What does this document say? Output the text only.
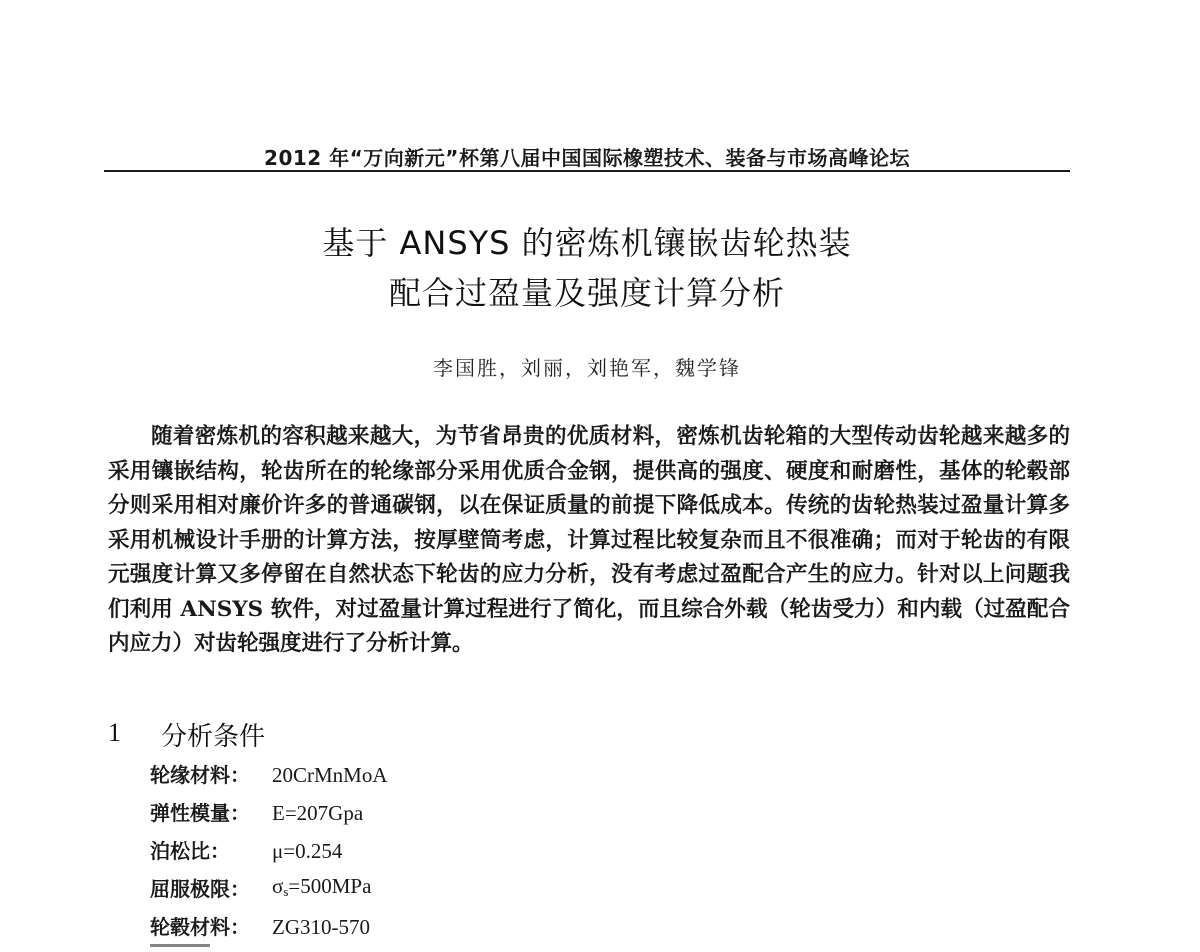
2012 年“万向新元”杯第八届中国国际橡塑技术、装备与市场高峰论坛
基于 ANSYS 的密炼机镶嵌齿轮热装
配合过盈量及强度计算分析
李国胜，刘丽，刘艳军，魏学锋

随着密炼机的容积越来越大，为节省昂贵的优质材料，密炼机齿轮箱的大型传动齿轮越来越多的采用镶嵌结构，轮齿所在的轮缘部分采用优质合金钢，提供高的强度、硬度和耐磨性，基体的轮毂部分则采用相对廉价许多的普通碳钢，以在保证质量的前提下降低成本。传统的齿轮热装过盈量计算多采用机械设计手册的计算方法，按厚壁筒考虑，计算过程比较复杂而且不很准确；而对于轮齿的有限元强度计算又多停留在自然状态下轮齿的应力分析，没有考虑过盈配合产生的应力。针对以上问题我们利用 ANSYS 软件，对过盈量计算过程进行了简化，而且综合外载（轮齿受力）和内载（过盈配合内应力）对齿轮强度进行了分析计算。

1 分析条件
轮缘材料：	20CrMnMoA
弹性模量：	E=207Gpa
泊松比：	μ=0.254
屈服极限：	$\sigma_s=500MPa$
轮毂材料：	ZG310-570
